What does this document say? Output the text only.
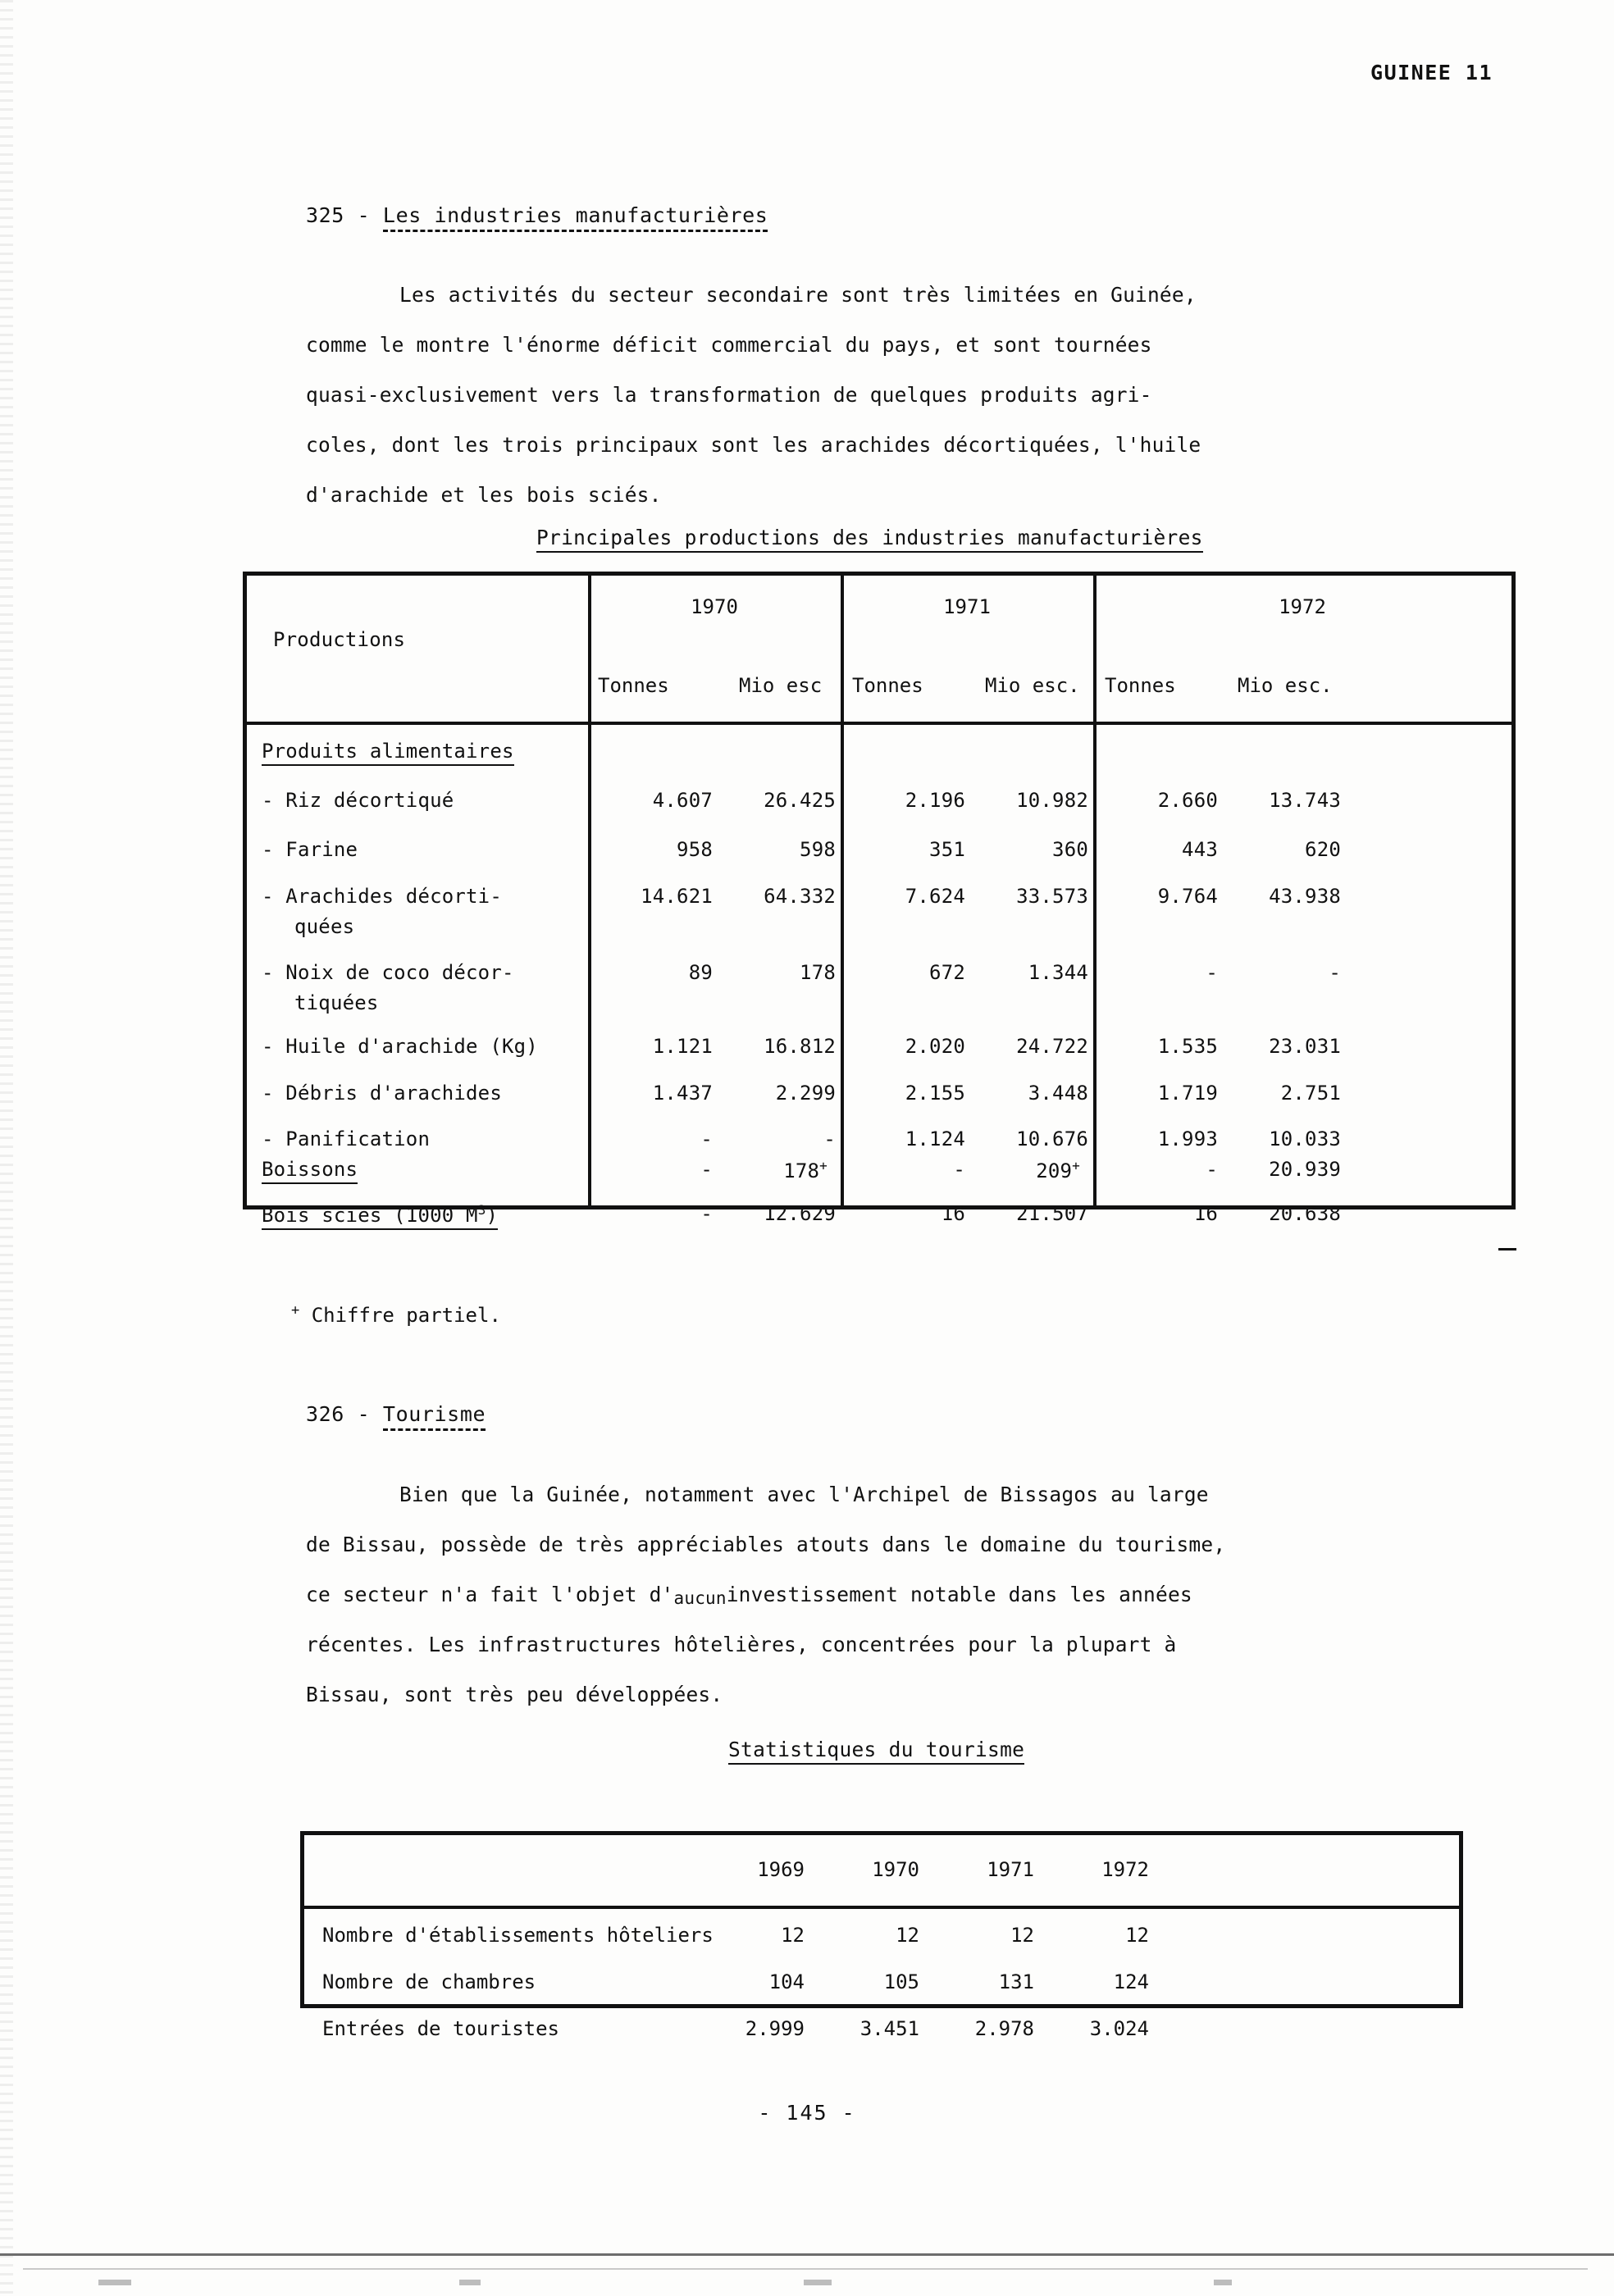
GUINEE 11
325 - Les industries manufacturières
Les activités du secteur secondaire sont très limitées en Guinée,
comme le montre l'énorme déficit commercial du pays, et sont tournées
quasi-exclusivement vers la transformation de quelques produits agri-
coles, dont les trois principaux sont les arachides décortiquées, l'huile
d'arachide et les bois sciés.
Principales productions des industries manufacturières
Productions
1970	1971	1972
Tonnes	Mio esc Tonnes	Mio esc. Tonnes	Mio esc.
Produits alimentaires
- Riz décortiqué	4.607	26.425	2.196	10.982	2.660	13.743
- Farine	958	598	351	360	443	620
- Arachides décorti-
quées
14.621	64.332	7.624	33.573	9.764	43.938
- Noix de coco décor-
tiquées
89	178	672	1.344	-	-
- Huile d'arachide (Kg)	1.121	16.812	2.020	24.722	1.535	23.031
- Débris d'arachides	1.437	2.299	2.155	3.448	1.719	2.751
- Panification	-	-	1.124	10.676	1.993	10.033
Boissons	-	178+	-	209+	-	20.939
Bois sciés (1000 $M^3$)	-	12.629	16	21.507	16	20.638
+ Chiffre partiel.
326 - Tourisme
Bien que la Guinée, notamment avec l'Archipel de Bissagos au large
de Bissau, possède de très appréciables atouts dans le domaine du tourisme,
ce secteur n'a fait l'objet d'aucuninvestissement notable dans les années
récentes. Les infrastructures hôtelières, concentrées pour la plupart à
Bissau, sont très peu développées.
Statistiques du tourisme
1969	1970	1971	1972
Nombre d'établissements hôteliers	12	12	12	12
Nombre de chambres	104	105	131	124
Entrées de touristes	2.999	3.451	2.978	3.024
- 145 -
